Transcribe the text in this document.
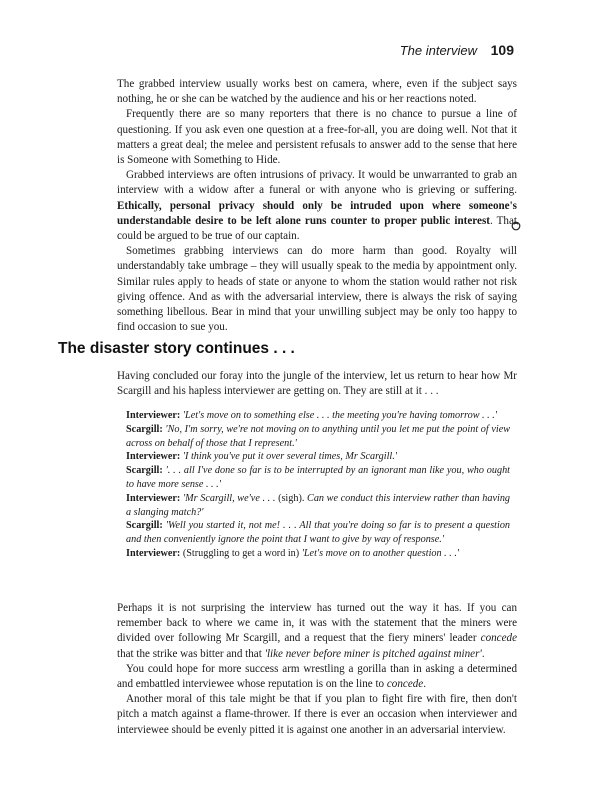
The interview 109

The grabbed interview usually works best on camera, where, even if the subject says nothing, he or she can be watched by the audience and his or her reactions noted.

Frequently there are so many reporters that there is no chance to pursue a line of questioning. If you ask even one question at a free-for-all, you are doing well. Not that it matters a great deal; the melee and persistent refusals to answer add to the sense that here is Someone with Something to Hide.

Grabbed interviews are often intrusions of privacy. It would be unwarranted to grab an interview with a widow after a funeral or with anyone who is grieving or suffering. Ethically, personal privacy should only be intruded upon where someone's understandable desire to be left alone runs counter to proper public interest. That could be argued to be true of our captain.

Sometimes grabbing interviews can do more harm than good. Royalty will understandably take umbrage – they will usually speak to the media by appointment only. Similar rules apply to heads of state or anyone to whom the station would rather not risk giving offence. And as with the adversarial interview, there is always the risk of saying something libellous. Bear in mind that your unwilling subject may be only too happy to find occasion to sue you.

The disaster story continues . . .

Having concluded our foray into the jungle of the interview, let us return to hear how Mr Scargill and his hapless interviewer are getting on. They are still at it . . .

Interviewer: 'Let's move on to something else . . . the meeting you're having tomorrow . . .'

Scargill: 'No, I'm sorry, we're not moving on to anything until you let me put the point of view across on behalf of those that I represent.'

Interviewer: 'I think you've put it over several times, Mr Scargill.'

Scargill: '. . . all I've done so far is to be interrupted by an ignorant man like you, who ought to have more sense . . .'

Interviewer: 'Mr Scargill, we've . . . (sigh). Can we conduct this interview rather than having a slanging match?'

Scargill: 'Well you started it, not me! . . . All that you're doing so far is to present a question and then conveniently ignore the point that I want to give by way of response.'

Interviewer: (Struggling to get a word in) 'Let's move on to another question . . .'

Perhaps it is not surprising the interview has turned out the way it has. If you can remember back to where we came in, it was with the statement that the miners were divided over following Mr Scargill, and a request that the fiery miners' leader concede that the strike was bitter and that 'like never before miner is pitched against miner'.

You could hope for more success arm wrestling a gorilla than in asking a determined and embattled interviewee whose reputation is on the line to concede.

Another moral of this tale might be that if you plan to fight fire with fire, then don't pitch a match against a flame-thrower. If there is ever an occasion when interviewer and interviewee should be evenly pitted it is against one another in an adversarial interview.
